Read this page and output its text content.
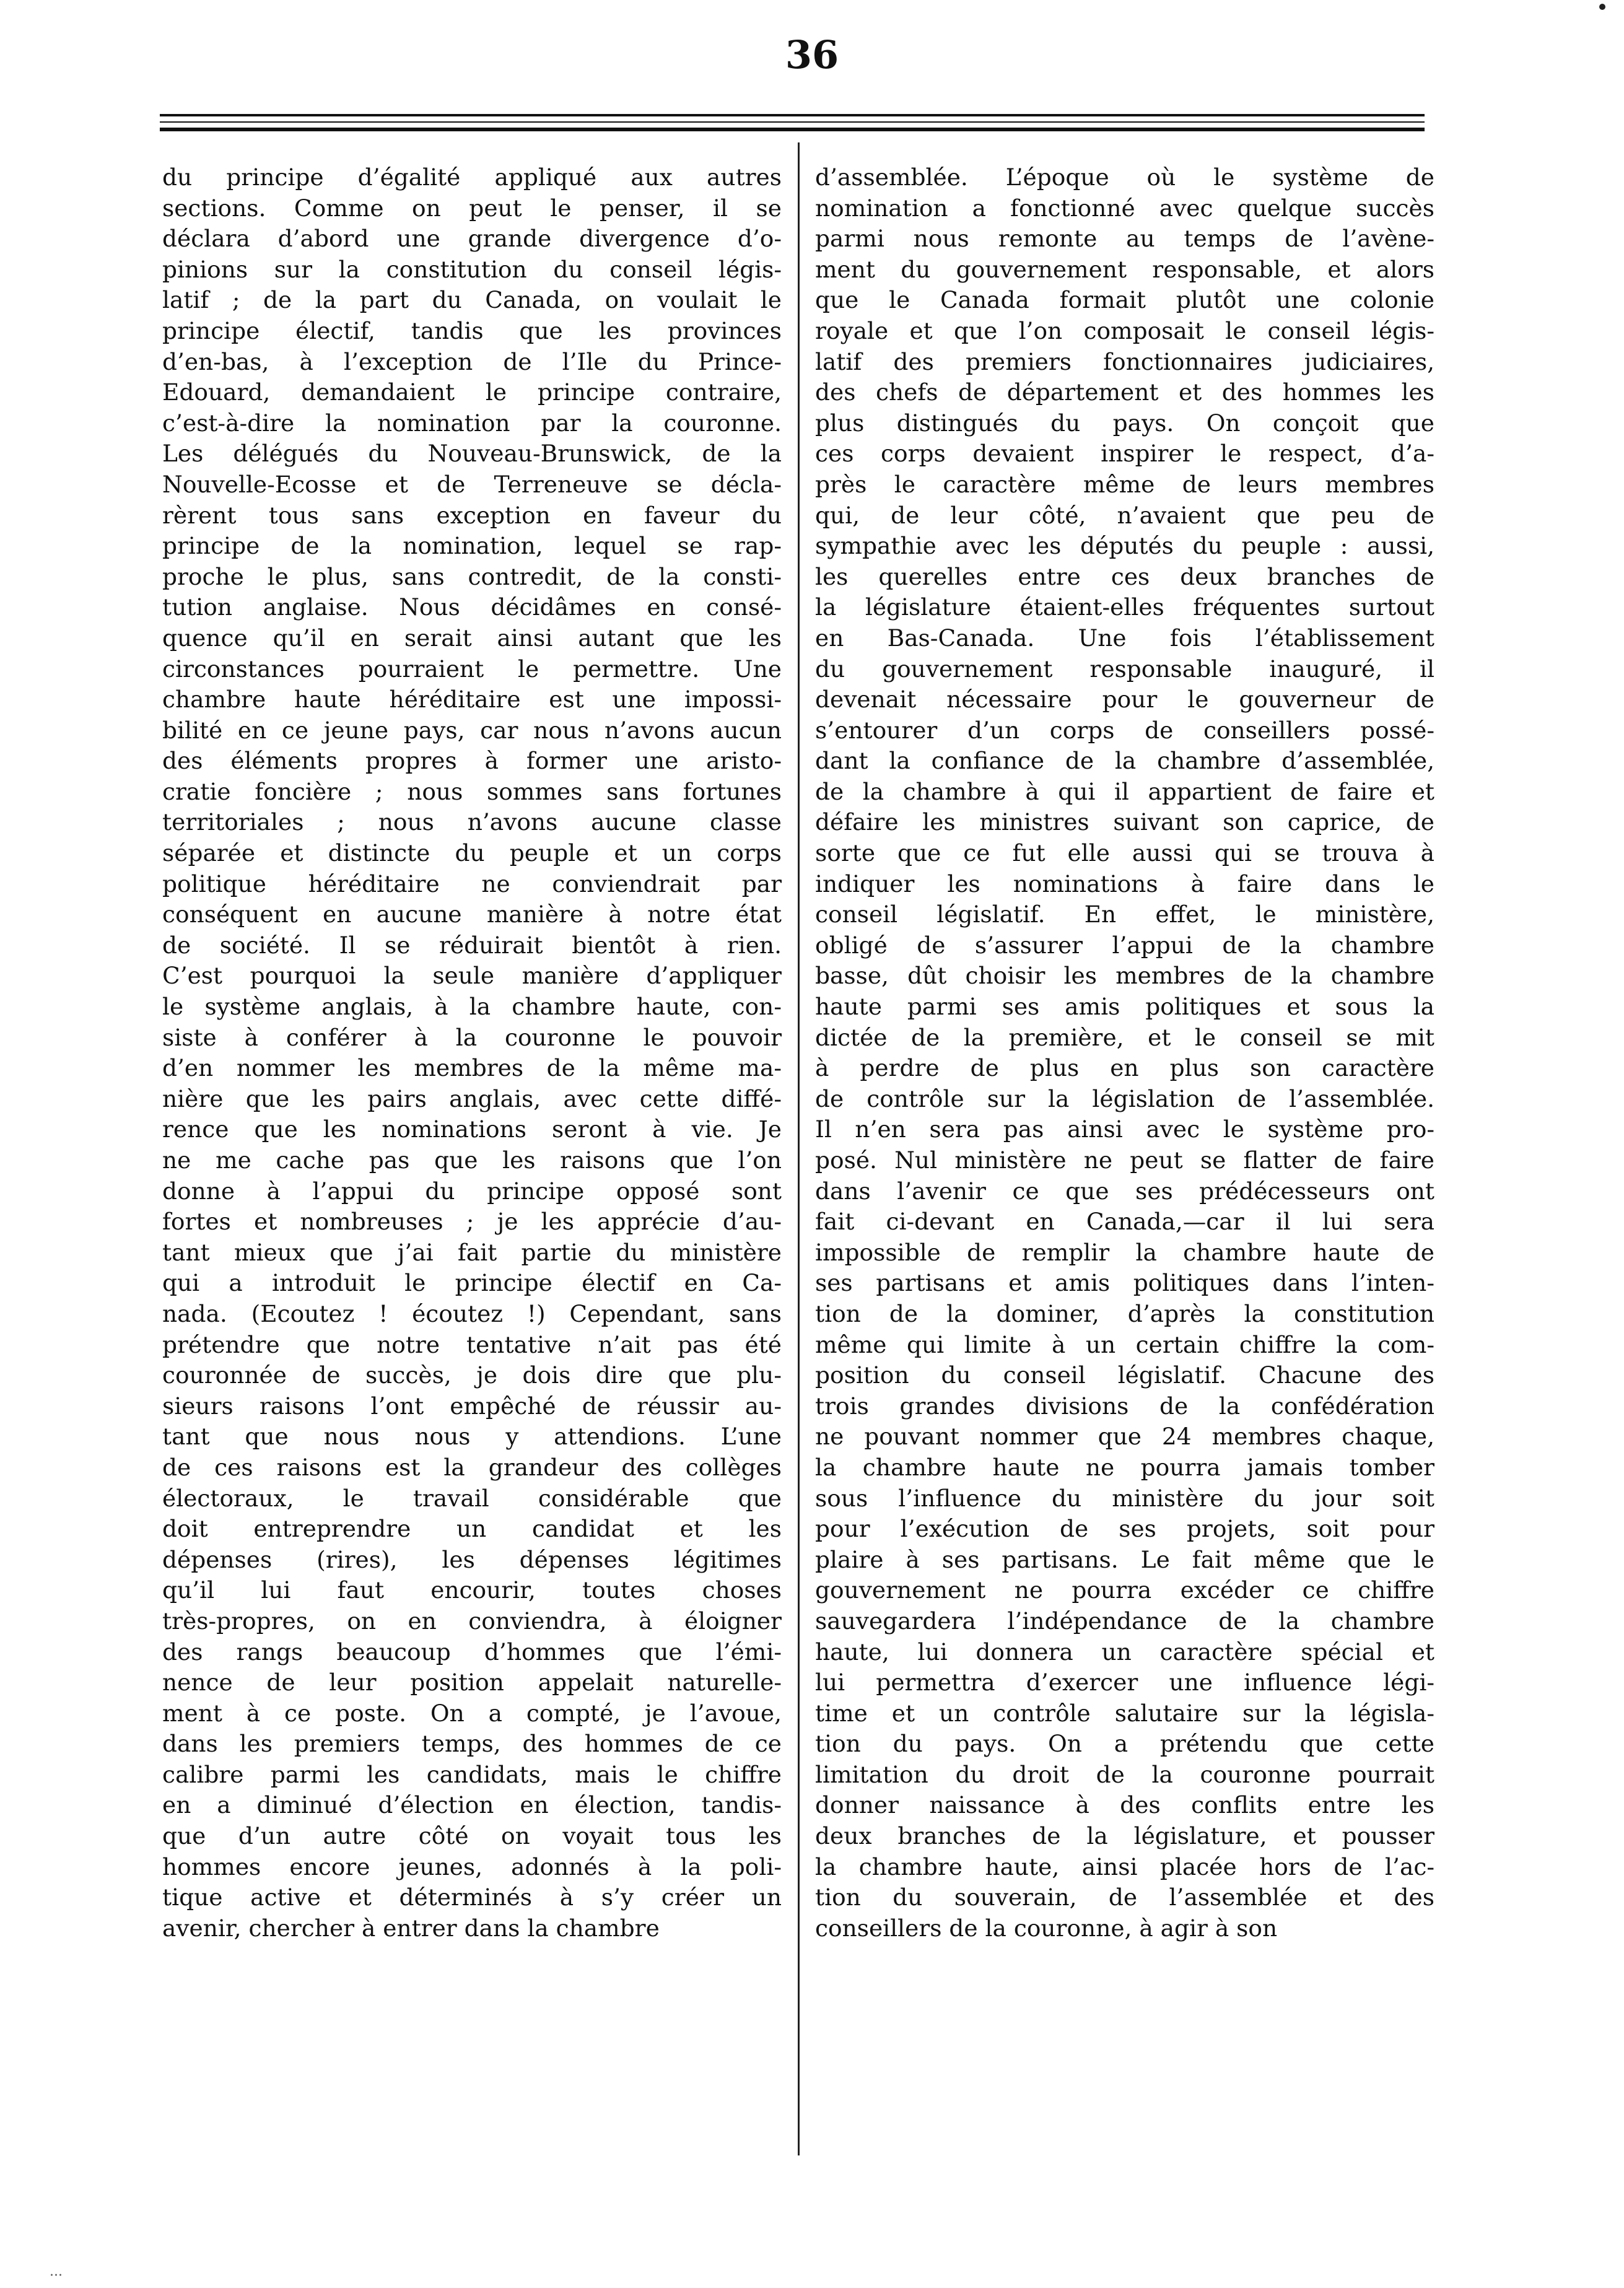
36
du principe d’égalité appliqué aux autres
sections. Comme on peut le penser, il se
déclara d’abord une grande divergence d’o-
pinions sur la constitution du conseil légis-
latif ; de la part du Canada, on voulait le
principe électif, tandis que les provinces
d’en-bas, à l’exception de l’Ile du Prince-
Edouard, demandaient le principe contraire,
c’est-à-dire la nomination par la couronne.
Les délégués du Nouveau-Brunswick, de la
Nouvelle-Ecosse et de Terreneuve se décla-
rèrent tous sans exception en faveur du
principe de la nomination, lequel se rap-
proche le plus, sans contredit, de la consti-
tution anglaise. Nous décidâmes en consé-
quence qu’il en serait ainsi autant que les
circonstances pourraient le permettre. Une
chambre haute héréditaire est une impossi-
bilité en ce jeune pays, car nous n’avons aucun
des éléments propres à former une aristo-
cratie foncière ; nous sommes sans fortunes
territoriales ; nous n’avons aucune classe
séparée et distincte du peuple et un corps
politique héréditaire ne conviendrait par
conséquent en aucune manière à notre état
de société. Il se réduirait bientôt à rien.
C’est pourquoi la seule manière d’appliquer
le système anglais, à la chambre haute, con-
siste à conférer à la couronne le pouvoir
d’en nommer les membres de la même ma-
nière que les pairs anglais, avec cette diffé-
rence que les nominations seront à vie. Je
ne me cache pas que les raisons que l’on
donne à l’appui du principe opposé sont
fortes et nombreuses ; je les apprécie d’au-
tant mieux que j’ai fait partie du ministère
qui a introduit le principe électif en Ca-
nada. (Ecoutez ! écoutez !) Cependant, sans
prétendre que notre tentative n’ait pas été
couronnée de succès, je dois dire que plu-
sieurs raisons l’ont empêché de réussir au-
tant que nous nous y attendions. L’une
de ces raisons est la grandeur des collèges
électoraux, le travail considérable que
doit entreprendre un candidat et les
dépenses (rires), les dépenses légitimes
qu’il lui faut encourir, toutes choses
très-propres, on en conviendra, à éloigner
des rangs beaucoup d’hommes que l’émi-
nence de leur position appelait naturelle-
ment à ce poste. On a compté, je l’avoue,
dans les premiers temps, des hommes de ce
calibre parmi les candidats, mais le chiffre
en a diminué d’élection en élection, tandis-
que d’un autre côté on voyait tous les
hommes encore jeunes, adonnés à la poli-
tique active et déterminés à s’y créer un
avenir, chercher à entrer dans la chambre
d’assemblée. L’époque où le système de
nomination a fonctionné avec quelque succès
parmi nous remonte au temps de l’avène-
ment du gouvernement responsable, et alors
que le Canada formait plutôt une colonie
royale et que l’on composait le conseil légis-
latif des premiers fonctionnaires judiciaires,
des chefs de département et des hommes les
plus distingués du pays. On conçoit que
ces corps devaient inspirer le respect, d’a-
près le caractère même de leurs membres
qui, de leur côté, n’avaient que peu de
sympathie avec les députés du peuple : aussi,
les querelles entre ces deux branches de
la législature étaient-elles fréquentes surtout
en Bas-Canada. Une fois l’établissement
du gouvernement responsable inauguré, il
devenait nécessaire pour le gouverneur de
s’entourer d’un corps de conseillers possé-
dant la confiance de la chambre d’assemblée,
de la chambre à qui il appartient de faire et
défaire les ministres suivant son caprice, de
sorte que ce fut elle aussi qui se trouva à
indiquer les nominations à faire dans le
conseil législatif. En effet, le ministère,
obligé de s’assurer l’appui de la chambre
basse, dût choisir les membres de la chambre
haute parmi ses amis politiques et sous la
dictée de la première, et le conseil se mit
à perdre de plus en plus son caractère
de contrôle sur la législation de l’assemblée.
Il n’en sera pas ainsi avec le système pro-
posé. Nul ministère ne peut se flatter de faire
dans l’avenir ce que ses prédécesseurs ont
fait ci-devant en Canada,—car il lui sera
impossible de remplir la chambre haute de
ses partisans et amis politiques dans l’inten-
tion de la dominer, d’après la constitution
même qui limite à un certain chiffre la com-
position du conseil législatif. Chacune des
trois grandes divisions de la confédération
ne pouvant nommer que 24 membres chaque,
la chambre haute ne pourra jamais tomber
sous l’influence du ministère du jour soit
pour l’exécution de ses projets, soit pour
plaire à ses partisans. Le fait même que le
gouvernement ne pourra excéder ce chiffre
sauvegardera l’indépendance de la chambre
haute, lui donnera un caractère spécial et
lui permettra d’exercer une influence légi-
time et un contrôle salutaire sur la législa-
tion du pays. On a prétendu que cette
limitation du droit de la couronne pourrait
donner naissance à des conflits entre les
deux branches de la législature, et pousser
la chambre haute, ainsi placée hors de l’ac-
tion du souverain, de l’assemblée et des
conseillers de la couronne, à agir à son
...
